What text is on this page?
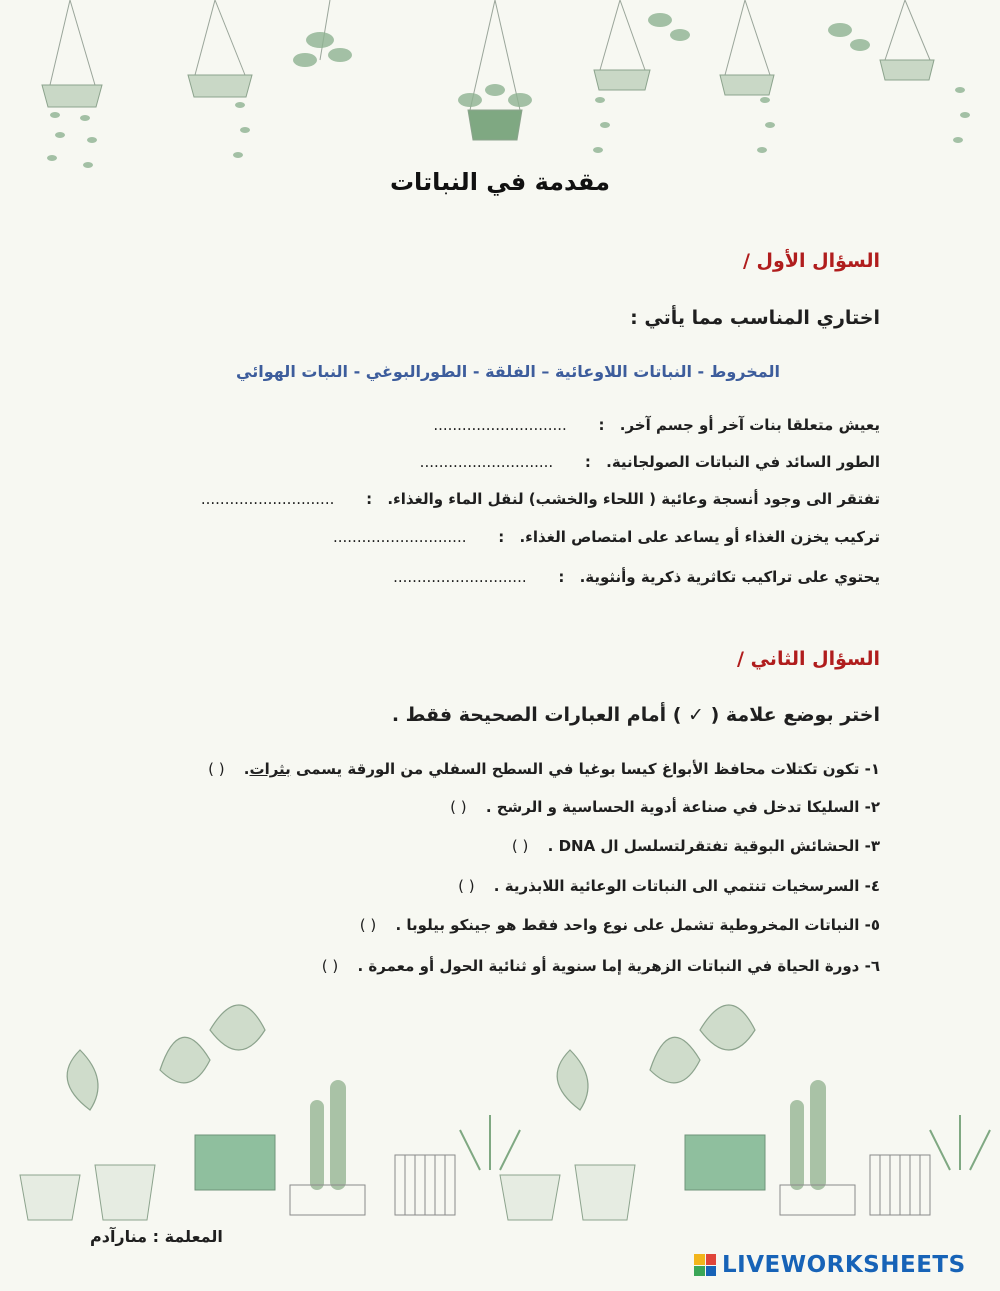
مقدمة في النباتات
السؤال الأول /
اختاري المناسب مما يأتي :
المخروط - النباتات اللاوعائية – الفلقة - الطورالبوغي - النبات الهوائي
يعيش متعلقا بنات آخر أو جسم آخر. : ............................
الطور السائد في النباتات الصولجانية. : ............................
تفتقر الى وجود أنسجة وعائية ( اللحاء والخشب) لنقل الماء والغذاء. : ............................
تركيب يخزن الغذاء أو يساعد على امتصاص الغذاء. : ............................
يحتوي على تراكيب تكاثرية ذكرية وأنثوية. : ............................
السؤال الثاني /
اختر بوضع علامة ( ✓ ) أمام العبارات الصحيحة فقط .
١- تكون تكتلات محافظ الأبواغ كيسا بوغيا في السطح السفلي من الورقة يسمى بثرات. ( )
٢- السليكا تدخل في صناعة أدوية الحساسية و الرشح . ( )
٣- الحشائش البوقية تفتقرلتسلسل ال DNA . ( )
٤- السرسخيات تنتمي الى النباتات الوعائية اللابذرية . ( )
٥- النباتات المخروطية تشمل على نوع واحد فقط هو جينكو بيلوبا . ( )
٦- دورة الحياة في النباتات الزهرية إما سنوية أو ثنائية الحول أو معمرة . ( )
المعلمة : منارآدم
LIVEWORKSHEETS
